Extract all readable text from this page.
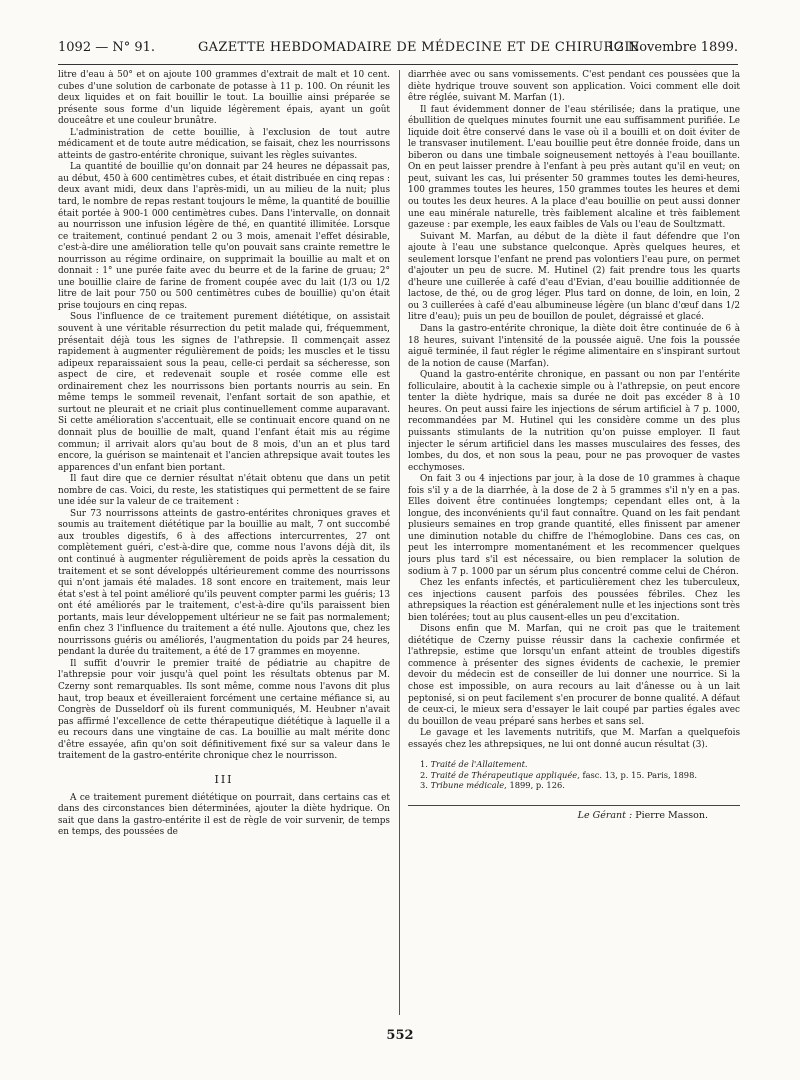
1092 — N° 91.	GAZETTE HEBDOMADAIRE DE MÉDECINE ET DE CHIRURGIE
12 Novembre 1899.

litre d'eau à 50° et on ajoute 100 grammes d'extrait de malt et 10 cent. cubes d'une solution de carbonate de potasse à 11 p. 100. On réunit les deux liquides et on fait bouillir le tout. La bouillie ainsi préparée se présente sous forme d'un liquide légèrement épais, ayant un goût douceâtre et une couleur brunâtre.

L'administration de cette bouillie, à l'exclusion de tout autre médicament et de toute autre médication, se faisait, chez les nourrissons atteints de gastro-entérite chronique, suivant les règles suivantes.

La quantité de bouillie qu'on donnait par 24 heures ne dépassait pas, au début, 450 à 600 centimètres cubes, et était distribuée en cinq repas : deux avant midi, deux dans l'après-midi, un au milieu de la nuit; plus tard, le nombre de repas restant toujours le même, la quantité de bouillie était portée à 900-1 000 centimètres cubes. Dans l'intervalle, on donnait au nourrisson une infusion légère de thé, en quantité illimitée. Lorsque ce traitement, continué pendant 2 ou 3 mois, amenait l'effet désirable, c'est-à-dire une amélioration telle qu'on pouvait sans crainte remettre le nourrisson au régime ordinaire, on supprimait la bouillie au malt et on donnait : 1° une purée faite avec du beurre et de la farine de gruau; 2° une bouillie claire de farine de froment coupée avec du lait (1/3 ou 1/2 litre de lait pour 750 ou 500 centimètres cubes de bouillie) qu'on était prise toujours en cinq repas.

Sous l'influence de ce traitement purement diététique, on assistait souvent à une véritable résurrection du petit malade qui, fréquemment, présentait déjà tous les signes de l'athrepsie. Il commençait assez rapidement à augmenter régulièrement de poids; les muscles et le tissu adipeux reparaissaient sous la peau, celle-ci perdait sa sécheresse, son aspect de cire, et redevenait souple et rosée comme elle est ordinairement chez les nourrissons bien portants nourris au sein. En même temps le sommeil revenait, l'enfant sortait de son apathie, et surtout ne pleurait et ne criait plus continuellement comme auparavant. Si cette amélioration s'accentuait, elle se continuait encore quand on ne donnait plus de bouillie de malt, quand l'enfant était mis au régime commun; il arrivait alors qu'au bout de 8 mois, d'un an et plus tard encore, la guérison se maintenait et l'ancien athrepsique avait toutes les apparences d'un enfant bien portant.

Il faut dire que ce dernier résultat n'était obtenu que dans un petit nombre de cas. Voici, du reste, les statistiques qui permettent de se faire une idée sur la valeur de ce traitement :

Sur 73 nourrissons atteints de gastro-entérites chroniques graves et soumis au traitement diététique par la bouillie au malt, 7 ont succombé aux troubles digestifs, 6 à des affections intercurrentes, 27 ont complètement guéri, c'est-à-dire que, comme nous l'avons déjà dit, ils ont continué à augmenter régulièrement de poids après la cessation du traitement et se sont développés ultérieurement comme des nourrissons qui n'ont jamais été malades. 18 sont encore en traitement, mais leur état s'est à tel point amélioré qu'ils peuvent compter parmi les guéris; 13 ont été améliorés par le traitement, c'est-à-dire qu'ils paraissent bien portants, mais leur développement ultérieur ne se fait pas normalement; enfin chez 3 l'influence du traitement a été nulle. Ajoutons que, chez les nourrissons guéris ou améliorés, l'augmentation du poids par 24 heures, pendant la durée du traitement, a été de 17 grammes en moyenne.

Il suffit d'ouvrir le premier traité de pédiatrie au chapitre de l'athrepsie pour voir jusqu'à quel point les résultats obtenus par M. Czerny sont remarquables. Ils sont même, comme nous l'avons dit plus haut, trop beaux et éveilleraient forcément une certaine méfiance si, au Congrès de Dusseldorf où ils furent communiqués, M. Heubner n'avait pas affirmé l'excellence de cette thérapeutique diététique à laquelle il a eu recours dans une vingtaine de cas. La bouillie au malt mérite donc d'être essayée, afin qu'on soit définitivement fixé sur sa valeur dans le traitement de la gastro-entérite chronique chez le nourrisson.

III

A ce traitement purement diététique on pourrait, dans certains cas et dans des circonstances bien déterminées, ajouter la diète hydrique. On sait que dans la gastro-entérite il est de règle de voir survenir, de temps en temps, des poussées de

diarrhée avec ou sans vomissements. C'est pendant ces poussées que la diète hydrique trouve souvent son application. Voici comment elle doit être réglée, suivant M. Marfan (1).

Il faut évidemment donner de l'eau stérilisée; dans la pratique, une ébullition de quelques minutes fournit une eau suffisamment purifiée. Le liquide doit être conservé dans le vase où il a bouilli et on doit éviter de le transvaser inutilement. L'eau bouillie peut être donnée froide, dans un biberon ou dans une timbale soigneusement nettoyés à l'eau bouillante. On en peut laisser prendre à l'enfant à peu près autant qu'il en veut; on peut, suivant les cas, lui présenter 50 grammes toutes les demi-heures, 100 grammes toutes les heures, 150 grammes toutes les heures et demi ou toutes les deux heures. A la place d'eau bouillie on peut aussi donner une eau minérale naturelle, très faiblement alcaline et très faiblement gazeuse : par exemple, les eaux faibles de Vals ou l'eau de Soultzmatt.

Suivant M. Marfan, au début de la diète il faut défendre que l'on ajoute à l'eau une substance quelconque. Après quelques heures, et seulement lorsque l'enfant ne prend pas volontiers l'eau pure, on permet d'ajouter un peu de sucre. M. Hutinel (2) fait prendre tous les quarts d'heure une cuillerée à café d'eau d'Evian, d'eau bouillie additionnée de lactose, de thé, ou de grog léger. Plus tard on donne, de loin, en loin, 2 ou 3 cuillerées à café d'eau albumineuse légère (un blanc d'œuf dans 1/2 litre d'eau); puis un peu de bouillon de poulet, dégraissé et glacé.

Dans la gastro-entérite chronique, la diète doit être continuée de 6 à 18 heures, suivant l'intensité de la poussée aiguë. Une fois la poussée aiguë terminée, il faut régler le régime alimentaire en s'inspirant surtout de la notion de cause (Marfan).

Quand la gastro-entérite chronique, en passant ou non par l'entérite folliculaire, aboutit à la cachexie simple ou à l'athrepsie, on peut encore tenter la diète hydrique, mais sa durée ne doit pas excéder 8 à 10 heures. On peut aussi faire les injections de sérum artificiel à 7 p. 1000, recommandées par M. Hutinel qui les considère comme un des plus puissants stimulants de la nutrition qu'on puisse employer. Il faut injecter le sérum artificiel dans les masses musculaires des fesses, des lombes, du dos, et non sous la peau, pour ne pas provoquer de vastes ecchymoses.

On fait 3 ou 4 injections par jour, à la dose de 10 grammes à chaque fois s'il y a de la diarrhée, à la dose de 2 à 5 grammes s'il n'y en a pas. Elles doivent être continuées longtemps; cependant elles ont, à la longue, des inconvénients qu'il faut connaître. Quand on les fait pendant plusieurs semaines en trop grande quantité, elles finissent par amener une diminution notable du chiffre de l'hémoglobine. Dans ces cas, on peut les interrompre momentanément et les recommencer quelques jours plus tard s'il est nécessaire, ou bien remplacer la solution de sodium à 7 p. 1000 par un sérum plus concentré comme celui de Chéron.

Chez les enfants infectés, et particulièrement chez les tuberculeux, ces injections causent parfois des poussées fébriles. Chez les athrepsiques la réaction est généralement nulle et les injections sont très bien tolérées; tout au plus causent-elles un peu d'excitation.

Disons enfin que M. Marfan, qui ne croit pas que le traitement diététique de Czerny puisse réussir dans la cachexie confirmée et l'athrepsie, estime que lorsqu'un enfant atteint de troubles digestifs commence à présenter des signes évidents de cachexie, le premier devoir du médecin est de conseiller de lui donner une nourrice. Si la chose est impossible, on aura recours au lait d'ânesse ou à un lait peptonisé, si on peut facilement s'en procurer de bonne qualité. A défaut de ceux-ci, le mieux sera d'essayer le lait coupé par parties égales avec du bouillon de veau préparé sans herbes et sans sel.

Le gavage et les lavements nutritifs, que M. Marfan a quelquefois essayés chez les athrepsiques, ne lui ont donné aucun résultat (3).

1. Traité de l'Allaitement.
2. Traité de Thérapeutique appliquée, fasc. 13, p. 15. Paris, 1898.
3. Tribune médicale, 1899, p. 126.
Le Gérant : Pierre Masson.
552
